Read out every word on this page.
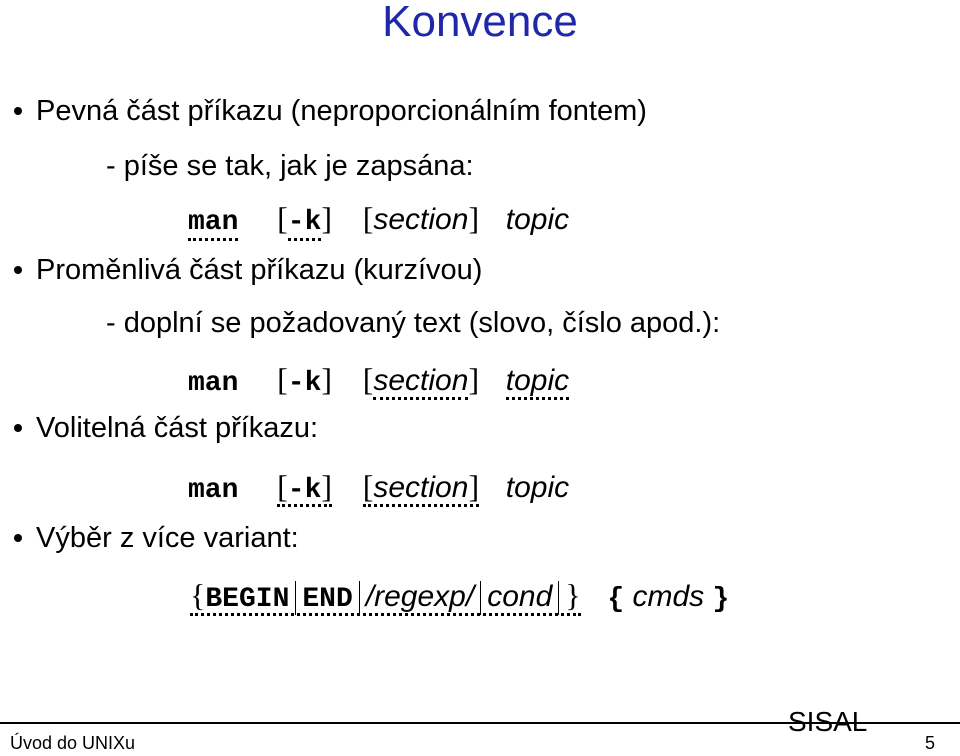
Konvence
Pevná část příkazu (neproporcionálním fontem)
- píše se tak, jak je zapsána:
man [-k] [section] topic
Proměnlivá část příkazu (kurzívou)
- doplní se požadovaný text (slovo, číslo apod.):
man [-k] [section] topic
Volitelná část příkazu:
man [-k] [section] topic
Výběr z více variant:
{BEGIN END /regexp/ cond } { cmds }
Úvod do UNIXu
SISAL
5
